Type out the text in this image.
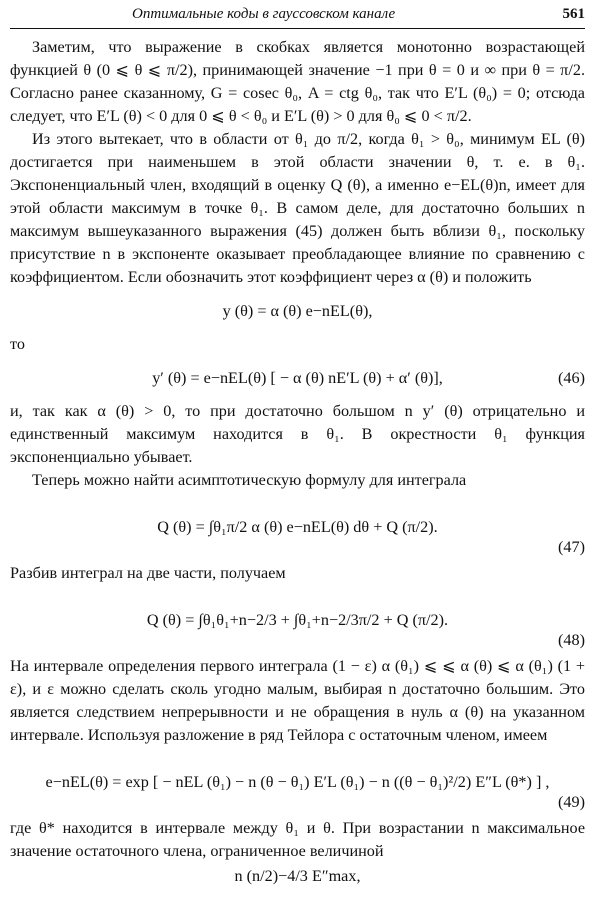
Оптимальные коды в гауссовском канале	561

Заметим, что выражение в скобках является монотонно возрастающей функцией θ (0 ⩽ θ ⩽ π/2), принимающей значение −1 при θ = 0 и ∞ при θ = π/2. Согласно ранее сказанному, G = cosec θ₀, A = ctg θ₀, так что E′L (θ₀) = 0; отсюда следует, что E′L (θ) < 0 для 0 ⩽ θ < θ₀ и E′L (θ) > 0 для θ₀ ⩽ 0 < π/2.

Из этого вытекает, что в области от θ₁ до π/2, когда θ₁ > θ₀, минимум EL (θ) достигается при наименьшем в этой области значении θ, т. е. в θ₁. Экспоненциальный член, входящий в оценку Q (θ), а именно e−EL(θ)n, имеет для этой области максимум в точке θ₁. В самом деле, для достаточно больших n максимум вышеуказанного выражения (45) должен быть вблизи θ₁, поскольку присутствие n в экспоненте оказывает преобладающее влияние по сравнению с коэффициентом. Если обозначить этот коэффициент через α (θ) и положить

y (θ) = α (θ) e−nEL(θ),

то

y′ (θ) = e−nEL(θ) [ − α (θ) nE′L (θ) + α′ (θ)],	(46)

и, так как α (θ) > 0, то при достаточно большом n y′ (θ) отрицательно и единственный максимум находится в θ₁. В окрестности θ₁ функция экспоненциально убывает.

Теперь можно найти асимптотическую формулу для интеграла

Q (θ) = ∫θ₁π/2 α (θ) e−nEL(θ) dθ + Q (π/2).
(47)

Разбив интеграл на две части, получаем

Q (θ) = ∫θ₁θ₁+n−2/3 + ∫θ₁+n−2/3π/2 + Q (π/2).
(48)

На интервале определения первого интеграла (1 − ε) α (θ₁) ⩽ ⩽ α (θ) ⩽ α (θ₁) (1 + ε), и ε можно сделать сколь угодно малым, выбирая n достаточно большим. Это является следствием непрерывности и не обращения в нуль α (θ) на указанном интервале. Используя разложение в ряд Тейлора с остаточным членом, имеем

e−nEL(θ) = exp [ − nEL (θ₁) − n (θ − θ₁) E′L (θ₁) − n ((θ − θ₁)²/2) E″L (θ*) ] ,
(49)

где θ* находится в интервале между θ₁ и θ. При возрастании n максимальное значение остаточного члена, ограниченное величиной

n (n/2)−4/3 E″max,
